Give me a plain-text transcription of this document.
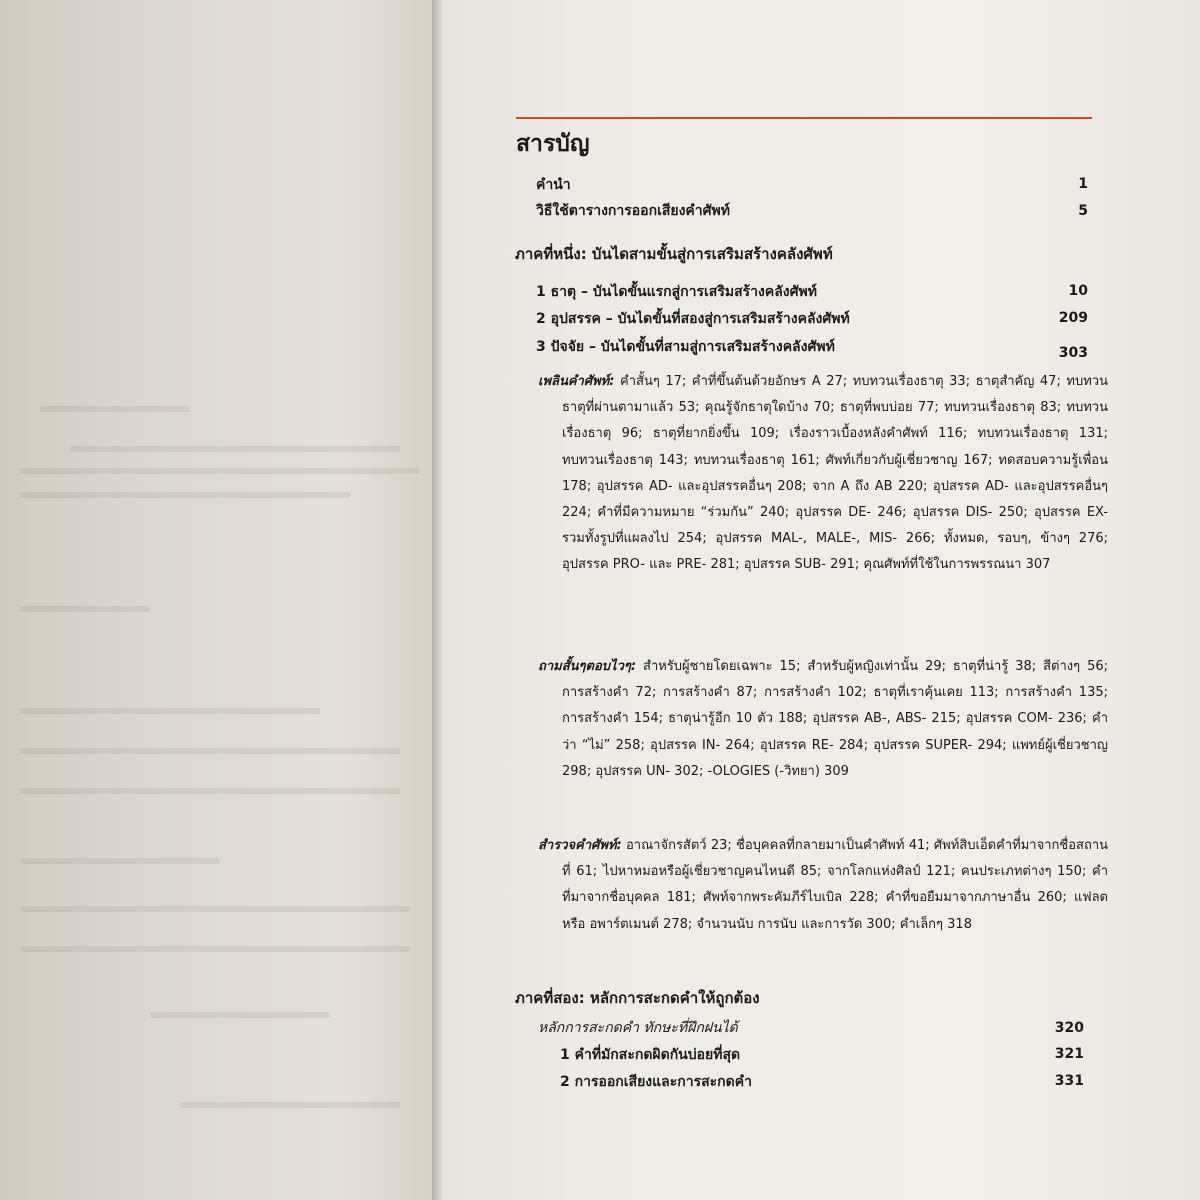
สารบัญ
คำนำ	1
วิธีใช้ตารางการออกเสียงคำศัพท์	5
ภาคที่หนึ่ง: บันไดสามขั้นสู่การเสริมสร้างคลังศัพท์
1 ธาตุ – บันไดขั้นแรกสู่การเสริมสร้างคลังศัพท์	10
2 อุปสรรค – บันไดขั้นที่สองสู่การเสริมสร้างคลังศัพท์	209
3 ปัจจัย – บันไดขั้นที่สามสู่การเสริมสร้างคลังศัพท์	303
เพลินคำศัพท์: คำสั้นๆ 17; คำที่ขึ้นต้นด้วยอักษร A 27; ทบทวนเรื่องธาตุ 33; ธาตุสำคัญ 47; ทบทวนธาตุที่ผ่านตามาแล้ว 53; คุณรู้จักธาตุใดบ้าง 70; ธาตุที่พบบ่อย 77; ทบทวนเรื่องธาตุ 83; ทบทวนเรื่องธาตุ 96; ธาตุที่ยากยิ่งขึ้น 109; เรื่องราวเบื้องหลังคำศัพท์ 116; ทบทวนเรื่องธาตุ 131; ทบทวนเรื่องธาตุ 143; ทบทวนเรื่องธาตุ 161; ศัพท์เกี่ยวกับผู้เชี่ยวชาญ 167; ทดสอบความรู้เพื่อน 178; อุปสรรค AD- และอุปสรรคอื่นๆ 208; จาก A ถึง AB 220; อุปสรรค AD- และอุปสรรคอื่นๆ 224; คำที่มีความหมาย “ร่วมกัน” 240; อุปสรรค DE- 246; อุปสรรค DIS- 250; อุปสรรค EX- รวมทั้งรูปที่แผลงไป 254; อุปสรรค MAL-, MALE-, MIS- 266; ทั้งหมด, รอบๆ, ข้างๆ 276; อุปสรรค PRO- และ PRE- 281; อุปสรรค SUB- 291; คุณศัพท์ที่ใช้ในการพรรณนา 307
ถามสั้นๆตอบไวๆ: สำหรับผู้ชายโดยเฉพาะ 15; สำหรับผู้หญิงเท่านั้น 29; ธาตุที่น่ารู้ 38; สีต่างๆ 56; การสร้างคำ 72; การสร้างคำ 87; การสร้างคำ 102; ธาตุที่เราคุ้นเคย 113; การสร้างคำ 135; การสร้างคำ 154; ธาตุน่ารู้อีก 10 ตัว 188; อุปสรรค AB-, ABS- 215; อุปสรรค COM- 236; คำว่า “ไม่” 258; อุปสรรค IN- 264; อุปสรรค RE- 284; อุปสรรค SUPER- 294; แพทย์ผู้เชี่ยวชาญ 298; อุปสรรค UN- 302; -OLOGIES (-วิทยา) 309
สำรวจคำศัพท์: อาณาจักรสัตว์ 23; ชื่อบุคคลที่กลายมาเป็นคำศัพท์ 41; ศัพท์สิบเอ็ดคำที่มาจากชื่อสถานที่ 61; ไปหาหมอหรือผู้เชี่ยวชาญคนไหนดี 85; จากโลกแห่งศิลป์ 121; คนประเภทต่างๆ 150; คำที่มาจากชื่อบุคคล 181; ศัพท์จากพระคัมภีร์ไบเบิล 228; คำที่ขอยืมมาจากภาษาอื่น 260; แฟลต หรือ อพาร์ตเมนต์ 278; จำนวนนับ การนับ และการวัด 300; คำเล็กๆ 318
ภาคที่สอง: หลักการสะกดคำให้ถูกต้อง
หลักการสะกดคำ ทักษะที่ฝึกฝนได้	320
1 คำที่มักสะกดผิดกันบ่อยที่สุด	321
2 การออกเสียงและการสะกดคำ	331
